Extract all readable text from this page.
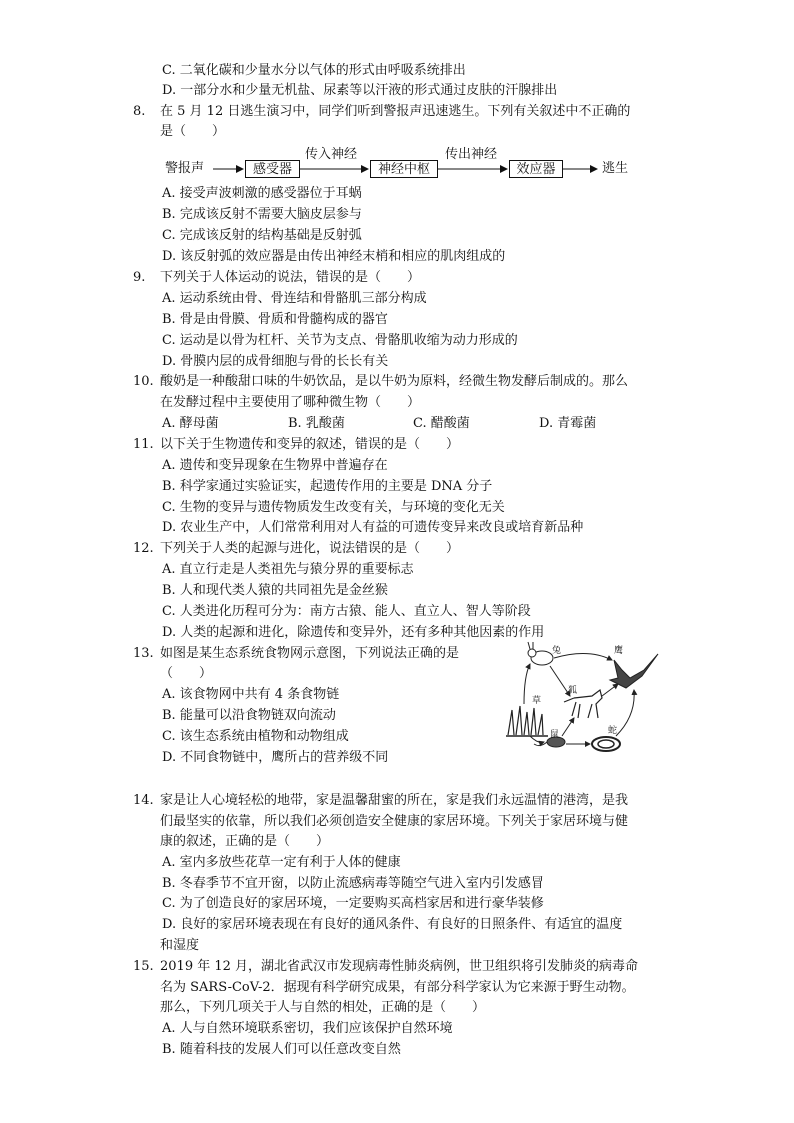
C. 二氧化碳和少量水分以气体的形式由呼吸系统排出
D. 一部分水和少量无机盐、尿素等以汗液的形式通过皮肤的汗腺排出
8. 在 5 月 12 日逃生演习中，同学们听到警报声迅速逃生。下列有关叙述中不正确的
是（　　）
警报声	感受器
传入神经
神经中枢
传出神经
效应器	逃生
A. 接受声波刺激的感受器位于耳蜗
B. 完成该反射不需要大脑皮层参与
C. 完成该反射的结构基础是反射弧
D. 该反射弧的效应器是由传出神经末梢和相应的肌肉组成的
9. 下列关于人体运动的说法，错误的是（　　）
A. 运动系统由骨、骨连结和骨骼肌三部分构成
B. 骨是由骨膜、骨质和骨髓构成的器官
C. 运动是以骨为杠杆、关节为支点、骨骼肌收缩为动力形成的
D. 骨膜内层的成骨细胞与骨的长长有关
10. 酸奶是一种酸甜口味的牛奶饮品，是以牛奶为原料，经微生物发酵后制成的。那么
在发酵过程中主要使用了哪种微生物（　　）
A. 酵母菌	B. 乳酸菌	C. 醋酸菌	D. 青霉菌
11. 以下关于生物遗传和变异的叙述，错误的是（　　）
A. 遗传和变异现象在生物界中普遍存在
B. 科学家通过实验证实，起遗传作用的主要是 DNA 分子
C. 生物的变异与遗传物质发生改变有关，与环境的变化无关
D. 农业生产中，人们常常利用对人有益的可遗传变异来改良或培育新品种
12. 下列关于人类的起源与进化，说法错误的是（　　）
A. 直立行走是人类祖先与猿分界的重要标志
B. 人和现代类人猿的共同祖先是金丝猴
C. 人类进化历程可分为：南方古猿、能人、直立人、智人等阶段
D. 人类的起源和进化，除遗传和变异外，还有多种其他因素的作用
13. 如图是某生态系统食物网示意图，下列说法正确的是
（　　）
A. 该食物网中共有 4 条食物链
B. 能量可以沿食物链双向流动
C. 该生态系统由植物和动物组成
D. 不同食物链中，鹰所占的营养级不同
兔	鹰
草
狐
鼠	蛇
14. 家是让人心境轻松的地带，家是温馨甜蜜的所在，家是我们永远温情的港湾，是我
们最坚实的依靠，所以我们必须创造安全健康的家居环境。下列关于家居环境与健
康的叙述，正确的是（　　）
A. 室内多放些花草一定有利于人体的健康
B. 冬春季节不宜开窗，以防止流感病毒等随空气进入室内引发感冒
C. 为了创造良好的家居环境，一定要购买高档家居和进行豪华装修
D. 良好的家居环境表现在有良好的通风条件、有良好的日照条件、有适宜的温度
和湿度
15. 2019 年 12 月，湖北省武汉市发现病毒性肺炎病例，世卫组织将引发肺炎的病毒命
名为 SARS-CoV-2．据现有科学研究成果，有部分科学家认为它来源于野生动物。
那么，下列几项关于人与自然的相处，正确的是（　　）
A. 人与自然环境联系密切，我们应该保护自然环境
B. 随着科技的发展人们可以任意改变自然
